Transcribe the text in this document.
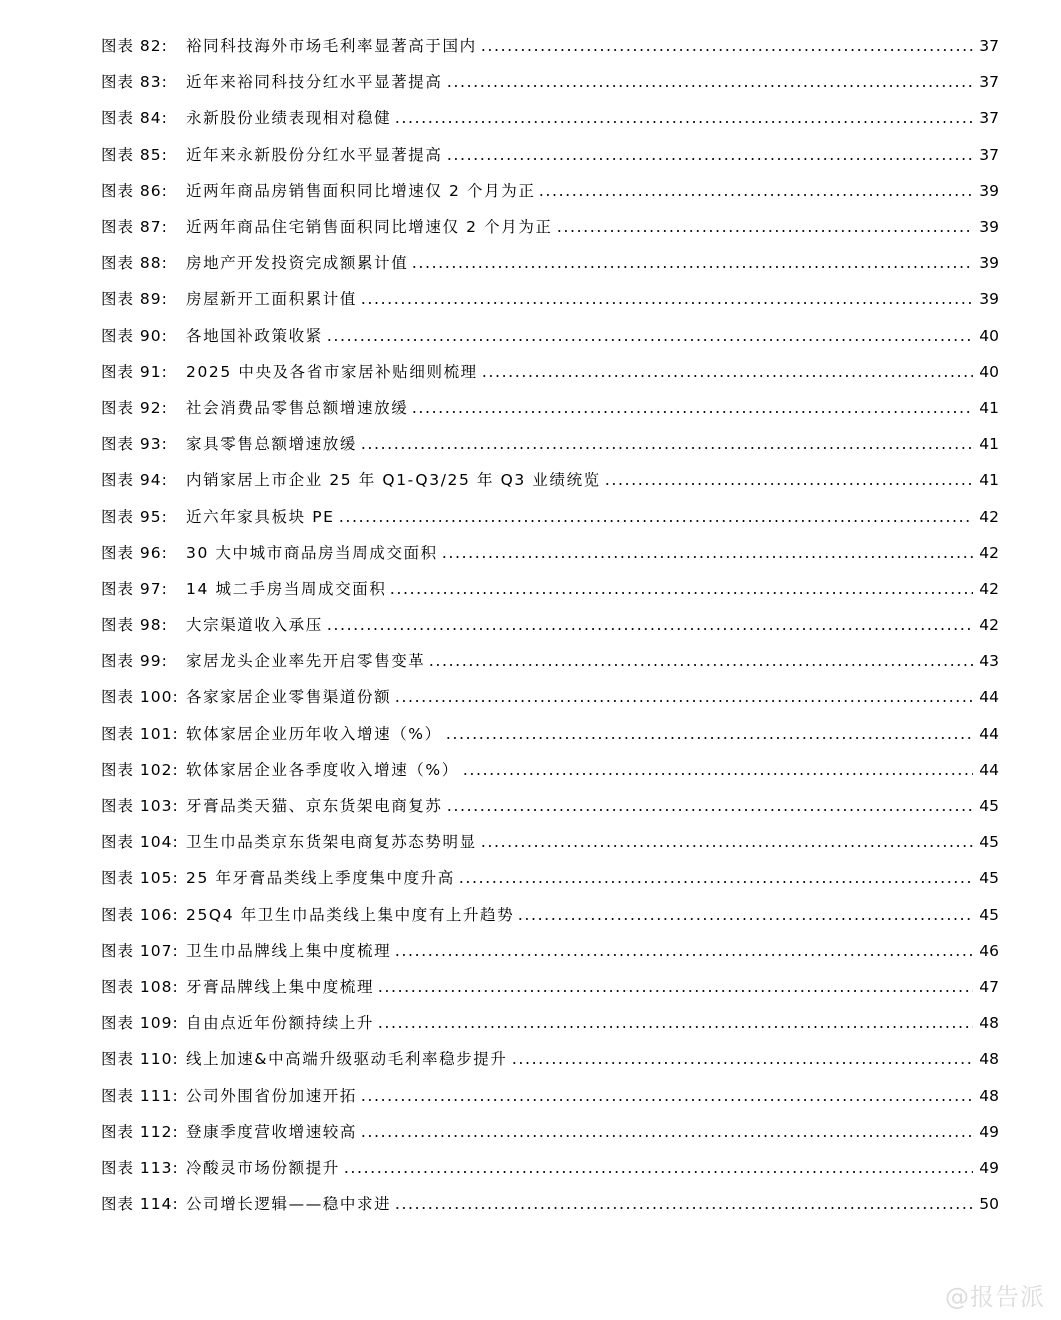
图表 82:	裕同科技海外市场毛利率显著高于国内	37
图表 83:	近年来裕同科技分红水平显著提高	37
图表 84:	永新股份业绩表现相对稳健	37
图表 85:	近年来永新股份分红水平显著提高	37
图表 86:	近两年商品房销售面积同比增速仅 2 个月为正	39
图表 87:	近两年商品住宅销售面积同比增速仅 2 个月为正	39
图表 88:	房地产开发投资完成额累计值	39
图表 89:	房屋新开工面积累计值	39
图表 90:	各地国补政策收紧	40
图表 91:	2025 中央及各省市家居补贴细则梳理	40
图表 92:	社会消费品零售总额增速放缓	41
图表 93:	家具零售总额增速放缓	41
图表 94:	内销家居上市企业 25 年 Q1-Q3/25 年 Q3 业绩统览	41
图表 95:	近六年家具板块 PE	42
图表 96:	30 大中城市商品房当周成交面积	42
图表 97:	14 城二手房当周成交面积	42
图表 98:	大宗渠道收入承压	42
图表 99:	家居龙头企业率先开启零售变革	43
图表 100: 各家家居企业零售渠道份额	44
图表 101: 软体家居企业历年收入增速（%）	44
图表 102: 软体家居企业各季度收入增速（%）	44
图表 103: 牙膏品类天猫、京东货架电商复苏	45
图表 104: 卫生巾品类京东货架电商复苏态势明显	45
图表 105: 25 年牙膏品类线上季度集中度升高	45
图表 106: 25Q4 年卫生巾品类线上集中度有上升趋势	45
图表 107: 卫生巾品牌线上集中度梳理	46
图表 108: 牙膏品牌线上集中度梳理	47
图表 109: 自由点近年份额持续上升	48
图表 110: 线上加速&中高端升级驱动毛利率稳步提升	48
图表 111: 公司外围省份加速开拓	48
图表 112: 登康季度营收增速较高	49
图表 113: 冷酸灵市场份额提升	49
图表 114: 公司增长逻辑——稳中求进	50
@报告派
